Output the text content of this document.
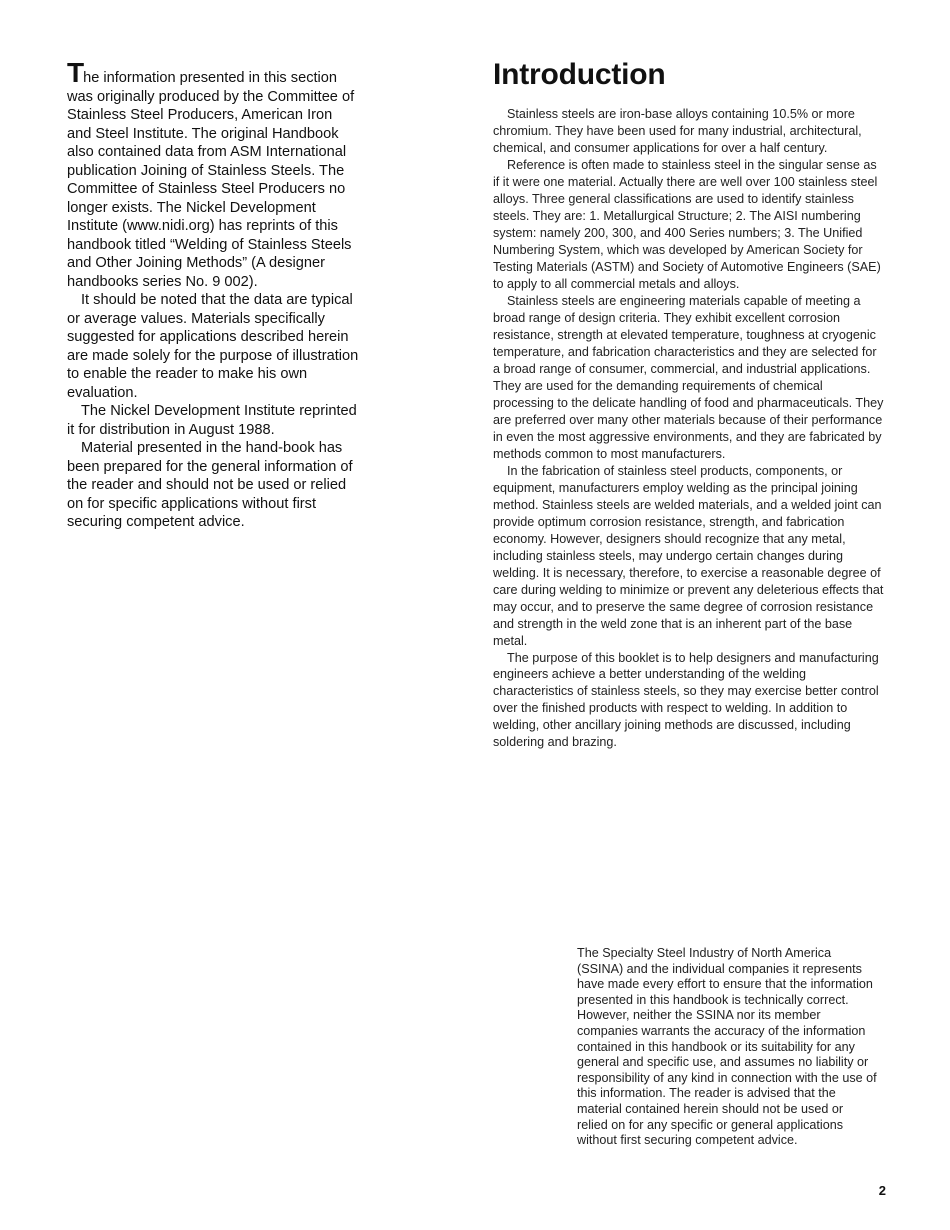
The information presented in this section was originally produced by the Committee of Stainless Steel Producers, American Iron and Steel Institute. The original Handbook also contained data from ASM International publication Joining of Stainless Steels. The Committee of Stainless Steel Producers no longer exists. The Nickel Development Institute (www.nidi.org) has reprints of this handbook titled “Welding of Stainless Steels and Other Joining Methods” (A designer handbooks series No. 9 002).

It should be noted that the data are typical or average values. Materials specifically suggested for applications described herein are made solely for the purpose of illustration to enable the reader to make his own evaluation.

The Nickel Development Institute reprinted it for distribution in August 1988.

Material presented in the hand-book has been prepared for the general information of the reader and should not be used or relied on for specific applications without first securing competent advice.

Introduction

Stainless steels are iron-base alloys containing 10.5% or more chromium. They have been used for many industrial, architectural, chemical, and consumer applications for over a half century.

Reference is often made to stainless steel in the singular sense as if it were one material. Actually there are well over 100 stainless steel alloys. Three general classifications are used to identify stainless steels. They are: 1. Metallurgical Structure; 2. The AISI numbering system: namely 200, 300, and 400 Series numbers; 3. The Unified Numbering System, which was developed by American Society for Testing Materials (ASTM) and Society of Automotive Engineers (SAE) to apply to all commercial metals and alloys.

Stainless steels are engineering materials capable of meeting a broad range of design criteria. They exhibit excellent corrosion resistance, strength at elevated temperature, toughness at cryogenic temperature, and fabrication characteristics and they are selected for a broad range of consumer, commercial, and industrial applications. They are used for the demanding requirements of chemical processing to the delicate handling of food and pharmaceuticals. They are preferred over many other materials because of their performance in even the most aggressive environments, and they are fabricated by methods common to most manufacturers.

In the fabrication of stainless steel products, components, or equipment, manufacturers employ welding as the principal joining method. Stainless steels are welded materials, and a welded joint can provide optimum corrosion resistance, strength, and fabrication economy. However, designers should recognize that any metal, including stainless steels, may undergo certain changes during welding. It is necessary, therefore, to exercise a reasonable degree of care during welding to minimize or prevent any deleterious effects that may occur, and to preserve the same degree of corrosion resistance and strength in the weld zone that is an inherent part of the base metal.

The purpose of this booklet is to help designers and manufacturing engineers achieve a better understanding of the welding characteristics of stainless steels, so they may exercise better control over the finished products with respect to welding. In addition to welding, other ancillary joining methods are discussed, including soldering and brazing.

The Specialty Steel Industry of North America (SSINA) and the individual companies it represents have made every effort to ensure that the information presented in this handbook is technically correct. However, neither the SSINA nor its member companies warrants the accuracy of the information contained in this handbook or its suitability for any general and specific use, and assumes no liability or responsibility of any kind in connection with the use of this information. The reader is advised that the material contained herein should not be used or relied on for any specific or general applications without first securing competent advice.

2
